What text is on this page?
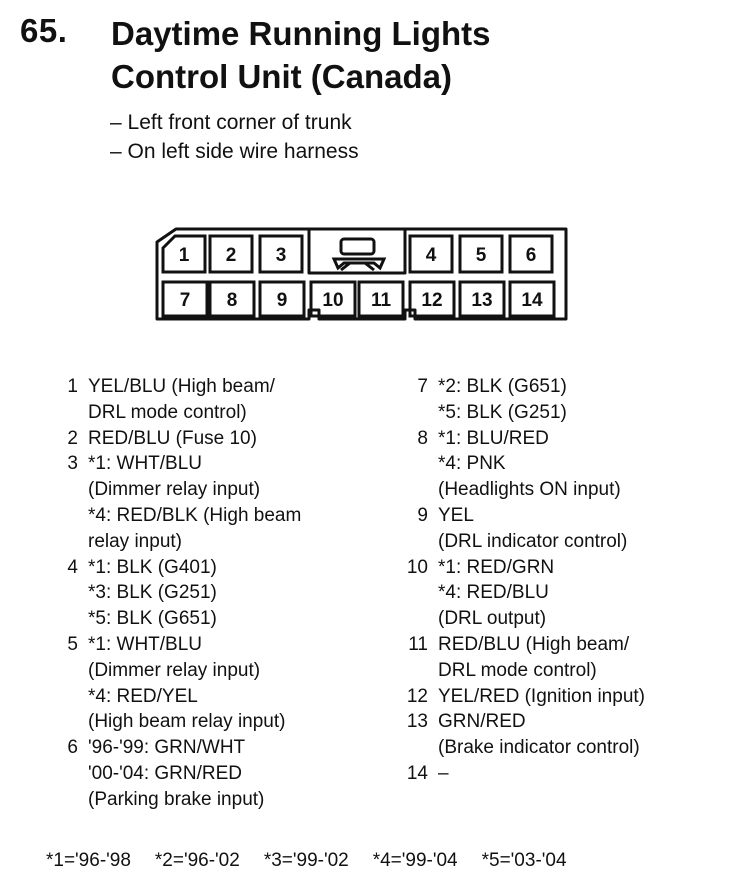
65. Daytime Running Lights
Control Unit (Canada)
– Left front corner of trunk
– On left side wire harness
1 2 3	4 5 6
7 8 9 10 11 12 13 14
1 YEL/BLU (High beam/
DRL mode control)
2 RED/BLU (Fuse 10)
3 *1: WHT/BLU
(Dimmer relay input)
*4: RED/BLK (High beam
relay input)
4 *1: BLK (G401)
*3: BLK (G251)
*5: BLK (G651)
5 *1: WHT/BLU
(Dimmer relay input)
*4: RED/YEL
(High beam relay input)
6 '96-'99: GRN/WHT
'00-'04: GRN/RED
(Parking brake input)
7 *2: BLK (G651)
*5: BLK (G251)
8 *1: BLU/RED
*4: PNK
(Headlights ON input)
9 YEL
(DRL indicator control)
10 *1: RED/GRN
*4: RED/BLU
(DRL output)
11 RED/BLU (High beam/
DRL mode control)
12 YEL/RED (Ignition input)
13 GRN/RED
(Brake indicator control)
14 –
*1='96-'98 *2='96-'02 *3='99-'02 *4='99-'04 *5='03-'04
